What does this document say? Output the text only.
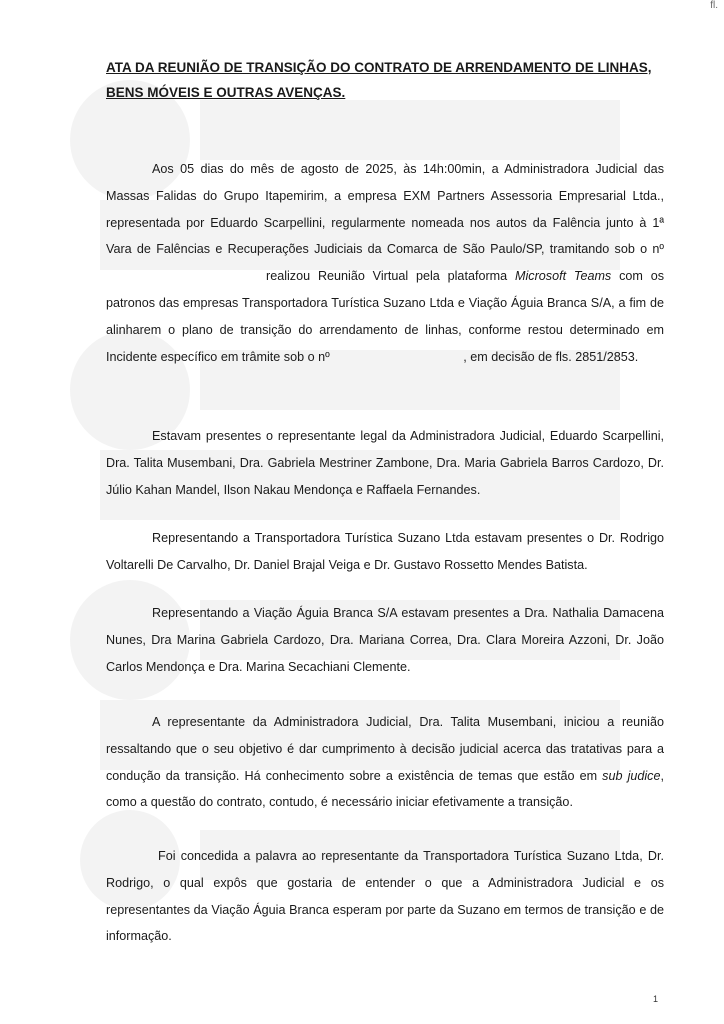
fl.

ATA DA REUNIÃO DE TRANSIÇÃO DO CONTRATO DE ARRENDAMENTO DE LINHAS, BENS MÓVEIS E OUTRAS AVENÇAS.

Aos 05 dias do mês de agosto de 2025, às 14h:00min, a Administradora Judicial das Massas Falidas do Grupo Itapemirim, a empresa EXM Partners Assessoria Empresarial Ltda., representada por Eduardo Scarpellini, regularmente nomeada nos autos da Falência junto à 1ª Vara de Falências e Recuperações Judiciais da Comarca de São Paulo/SP, tramitando sob o nº realizou Reunião Virtual pela plataforma Microsoft Teams com os patronos das empresas Transportadora Turística Suzano Ltda e Viação Águia Branca S/A, a fim de alinharem o plano de transição do arrendamento de linhas, conforme restou determinado em Incidente específico em trâmite sob o nº	, em decisão de fls. 2851/2853.

Estavam presentes o representante legal da Administradora Judicial, Eduardo Scarpellini, Dra. Talita Musembani, Dra. Gabriela Mestriner Zambone, Dra. Maria Gabriela Barros Cardozo, Dr. Júlio Kahan Mandel, Ilson Nakau Mendonça e Raffaela Fernandes.

Representando a Transportadora Turística Suzano Ltda estavam presentes o Dr. Rodrigo Voltarelli De Carvalho, Dr. Daniel Brajal Veiga e Dr. Gustavo Rossetto Mendes Batista.

Representando a Viação Águia Branca S/A estavam presentes a Dra. Nathalia Damacena Nunes, Dra Marina Gabriela Cardozo, Dra. Mariana Correa, Dra. Clara Moreira Azzoni, Dr. João Carlos Mendonça e Dra. Marina Secachiani Clemente.

A representante da Administradora Judicial, Dra. Talita Musembani, iniciou a reunião ressaltando que o seu objetivo é dar cumprimento à decisão judicial acerca das tratativas para a condução da transição. Há conhecimento sobre a existência de temas que estão em sub judice, como a questão do contrato, contudo, é necessário iniciar efetivamente a transição.

Foi concedida a palavra ao representante da Transportadora Turística Suzano Ltda, Dr. Rodrigo, o qual expôs que gostaria de entender o que a Administradora Judicial e os representantes da Viação Águia Branca esperam por parte da Suzano em termos de transição e de informação.

1
